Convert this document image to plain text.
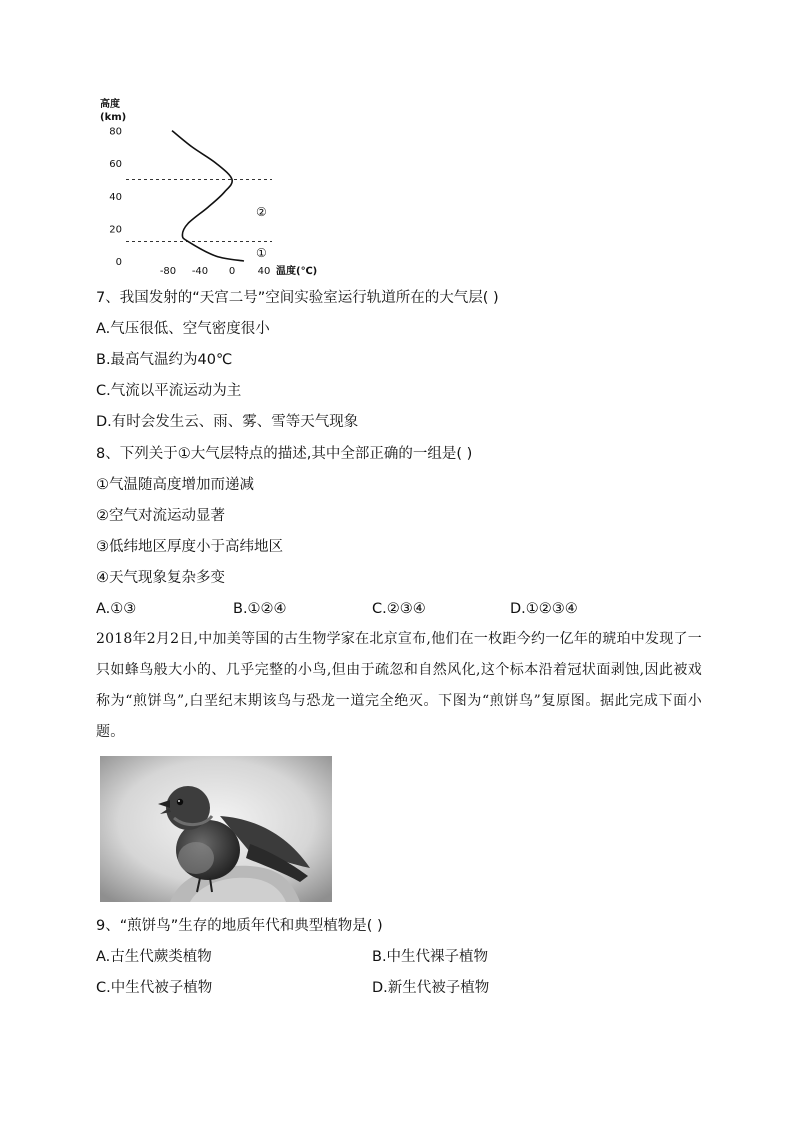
高度
(km)
0
20
40
60
80
-80 -40 0 40
②
①
温度(℃)
7、我国发射的“天宫二号”空间实验室运行轨道所在的大气层( )
A.气压很低、空气密度很小
B.最高气温约为40℃
C.气流以平流运动为主
D.有时会发生云、雨、雾、雪等天气现象
8、下列关于①大气层特点的描述,其中全部正确的一组是( )
①气温随高度增加而递减
②空气对流运动显著
③低纬地区厚度小于高纬地区
④天气现象复杂多变
A.①③	B.①②④	C.②③④	D.①②③④
2018年2月2日,中加美等国的古生物学家在北京宣布,他们在一枚距今约一亿年的琥珀中发现了一只如蜂鸟般大小的、几乎完整的小鸟,但由于疏忽和自然风化,这个标本沿着冠状面剥蚀,因此被戏称为“煎饼鸟”,白垩纪末期该鸟与恐龙一道完全绝灭。下图为“煎饼鸟”复原图。据此完成下面小题。
9、“煎饼鸟”生存的地质年代和典型植物是( )
A.古生代蕨类植物	B.中生代裸子植物
C.中生代被子植物	D.新生代被子植物
